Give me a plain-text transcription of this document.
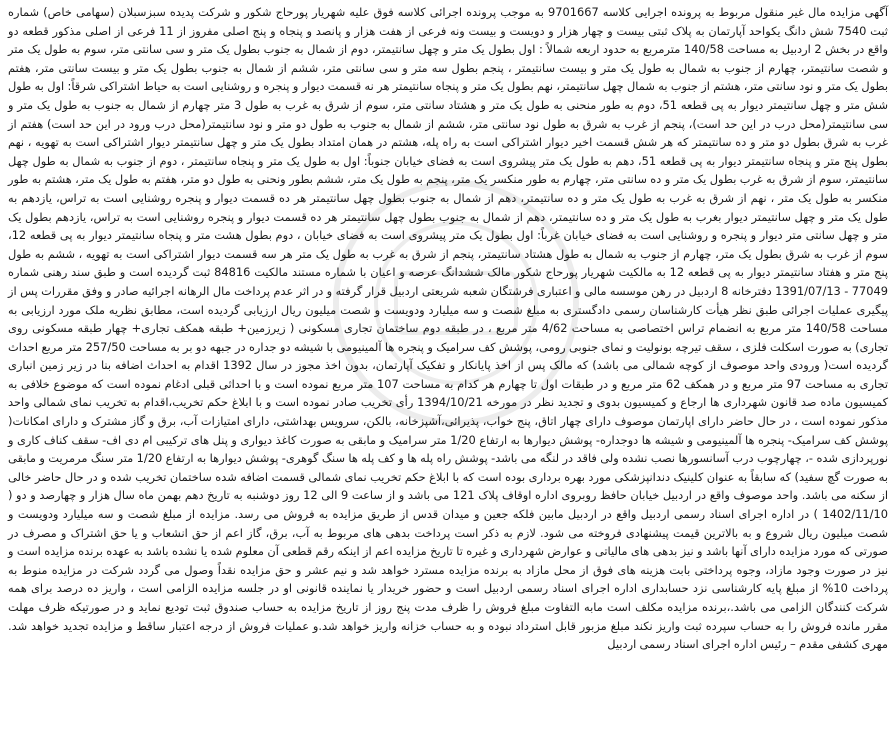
آگهی مزایده مال غیر منقول مربوط به پرونده اجرایی کلاسه 9701667 به موجب پرونده اجرائی کلاسه فوق علیه شهریار پورحاج شکور و شرکت پدیده سبزسبلان (سهامی خاص) شماره ثبت 7540 شش دانگ یکواحد آپارتمان به پلاک ثبتی بیست و چهار هزار و دویست و بیست ونه فرعی از هفت هزار و پانصد و پنجاه و پنج اصلی مفروز از 11 فرعی از اصلی مذکور قطعه دو واقع در بخش 2 اردبیل به مساحت 140/58 مترمربع به حدود اربعه شمالاً : اول بطول یک متر و چهل سانتیمتر، دوم از شمال به جنوب بطول یک متر و سی سانتی متر، سوم به طول یک متر و شصت سانتیمتر، چهارم از جنوب به شمال به طول یک متر و بیست سانتیمتر ، پنجم بطول سه متر و سی سانتی متر، ششم از شمال به جنوب بطول یک متر و بیست سانتی متر، هفتم بطول یک متر و نود سانتی متر، هشتم از جنوب به شمال چهل سانتیمتر، نهم بطول یک متر و پنجاه سانتیمتر هر نه قسمت دیوار و پنجره و روشنایی است به حیاط اشتراکی شرقاً: اول به طول شش متر و چهل سانتیمتر دیوار به پی قطعه 51، دوم به طور منحنی به طول یک متر و هشتاد سانتی متر، سوم از شرق به غرب به طول 3 متر چهارم از شمال به جنوب به طول یک متر و سی سانتیمتر(محل درب در این حد است)، پنجم از غرب به شرق به طول نود سانتی متر، ششم از شمال به جنوب به طول دو متر و نود سانتیمتر(محل درب ورود در این حد است) هفتم از غرب به شرق بطول دو متر و ده سانتیمتر که هر شش قسمت اخیر دیوار اشتراکی است به راه پله، هشتم در همان امتداد بطول یک متر و چهل سانتیمتر دیوار اشتراکی است به تهویه ، نهم بطول پنج متر و پنجاه سانتیمتر دیوار به پی قطعه 51، دهم به طول یک متر پیشروی است به فضای خیابان جنوباً: اول به طول یک متر و پنجاه سانتیمتر ، دوم از جنوب به شمال به طول چهل سانتیمتر، سوم از شرق به غرب بطول یک متر و ده سانتی متر، چهارم به طور منکسر یک متر، پنجم به طول یک متر، ششم بطور ونحنی به طول دو متر، هفتم به طول یک متر، هشتم به طور منکسر به طول یک متر ، نهم از شرق به غرب به طول یک متر و ده سانتیمتر، دهم از شمال به جنوب بطول چهل سانتیمتر هر ده قسمت دیوار و پنجره روشنایی است به تراس، یازدهم به طول یک متر و چهل سانتیمتر دیوار بغرب به طول یک متر و ده سانتیمتر، دهم از شمال به جنوب بطول چهل سانتیمتر هر ده قسمت دیوار و پنجره روشنایی است به تراس، یازدهم بطول یک متر و چهل سانتی متر دیوار و پنجره و روشنایی است به فضای خیابان غرباً: اول بطول یک متر پیشروی است به فضای خیابان ، دوم بطول هشت متر و پنجاه سانتیمتر دیوار به پی قطعه 12، سوم از غرب به شرق بطول یک متر، چهارم از جنوب به شمال به طول هشتاد سانتیمتر، پنجم از شرق به غرب به طول یک متر هر سه قسمت دیوار اشتراکی است به تهویه ، ششم به طول پنج متر و هفتاد سانتیمتر دیوار به پی قطعه 12 به مالکیت شهریار پورحاج شکور مالک ششدانگ عرصه و اعیان با شماره مستند مالکیت 84816 ثبت گردیده است و طبق سند رهنی شماره 77049 - 1391/07/13 دفترخانه 8 اردبیل در رهن موسسه مالی و اعتباری فرشتگان شعبه شریعتی اردبیل قرار گرفته و در اثر عدم پرداخت مال الرهانه اجرائیه صادر و وفق مقررات پس از پیگیری عملیات اجرائی طبق نظر هیأت کارشناسان رسمی دادگستری به مبلغ شصت و سه میلیارد ودویست و شصت میلیون ریال ارزیابی گردیده است، مطابق نظریه ملک مورد ارزیابی به مساحت 140/58 متر مربع به انضمام تراس اختصاصی به مساحت 4/62 متر مربع ، در طبقه دوم ساختمان تجاری مسکونی ( زیرزمین+ طبقه همکف تجاری+ چهار طبقه مسکونی روی تجاری) به صورت اسکلت فلزی ، سقف تیرچه بونولیت و نمای جنوبی رومی، پوشش کف سرامیک و پنجره ها آلمینیومی با شیشه دو جداره در جبهه دو بر به مساحت 257/50 متر مربع احداث گردیده است( ورودی واحد موصوف از کوچه شمالی می باشد) که مالک پس از اخذ پایانکار و تفکیک آپارتمان، بدون اخذ مجوز در سال 1392 اقدام به احداث اضافه بنا در زیر زمین انباری تجاری به مساحت 97 متر مربع و در همکف 62 متر مربع و در طبقات اول تا چهارم هر کدام به مساحت 107 متر مربع نموده است و با احداثی قبلی ادغام نموده است که موضوع خلافی به کمیسیون ماده صد قانون شهرداری ها ارجاع و کمیسیون بدوی و تجدید نظر در مورخه 1394/10/21 رأی تخریب صادر نموده است و با ابلاغ حکم تخریب،اقدام به تخریب نمای شمالی واحد مذکور نموده است ، در حال حاضر دارای اپارتمان موصوف دارای چهار اتاق، پنج خواب، پذیرائی،آشپزخانه، بالکن، سرویس بهداشتی، دارای امتیازات آب، برق و گاز مشترک و دارای امکانات( پوشش کف سرامیک- پنجره ها آلمینیومی و شیشه ها دوجداره- پوشش دیوارها به ارتفاع 1/20 متر سرامیک و مابقی به صورت کاغذ دیواری و پنل های ترکیبی ام دی اف- سقف کناف کاری و نورپردازی شده -، چهارچوب درب آسانسورها نصب نشده ولی فاقد در لنگه می باشد- پوشش راه پله ها و کف پله ها سنگ گوهری- پوشش دیوارها به ارتفاع 1/20 متر سنگ مرمریت و مابقی به صورت گچ سفید) که سابقاً به عنوان کلینیک دندانپزشکی مورد بهره برداری بوده است که با ابلاغ حکم تخریب نمای شمالی قسمت اضافه شده ساختمان تخریب شده و در حال حاضر خالی از سکنه می باشد. واحد موصوف واقع در اردبیل خیابان حافظ روبروی اداره اوقاف پلاک 121 می باشد و از ساعت 9 الی 12 روز دوشنبه به تاریخ دهم بهمن ماه سال هزار و چهارصد و دو ( 1402/11/10 ) در اداره اجرای اسناد رسمی اردبیل واقع در اردبیل مابین فلکه جعین و میدان قدس از طریق مزایده به فروش می رسد. مزایده از مبلغ شصت و سه میلیارد ودویست و شصت میلیون ریال شروع و به بالاترین قیمت پیشنهادی فروخته می شود. لازم به ذکر است پرداخت بدهی های مربوط به آب، برق، گاز اعم از حق انشعاب و یا حق اشتراک و مصرف در صورتی که مورد مزایده دارای آنها باشد و نیز بدهی های مالیاتی و عوارض شهرداری و غیره تا تاریخ مزایده اعم از اینکه رقم قطعی آن معلوم شده یا نشده باشد به عهده برنده مزایده است و نیز در صورت وجود مازاد، وجوه پرداختی بابت هزینه های فوق از محل مازاد به برنده مزایده مسترد خواهد شد و نیم عشر و حق مزایده نقداً وصول می گردد شرکت در مزایده منوط به پرداخت 10% از مبلغ پایه کارشناسی نزد حسابداری اداره اجرای اسناد رسمی اردبیل است و حضور خریدار یا نماینده قانونی او در جلسه مزایده الزامی است ، واریز ده درصد برای همه شرکت کنندگان الزامی می باشد.،برنده مزایده مکلف است مابه التفاوت مبلغ فروش را ظرف مدت پنج روز از تاریخ مزایده به حساب صندوق ثبت تودیع نماید و در صورتیکه ظرف مهلت مقرر مانده فروش را به حساب سپرده ثبت واریز نکند مبلغ مزبور قابل استرداد نبوده و به حساب خزانه واریز خواهد شد.و عملیات فروش از درجه اعتبار ساقط و مزایده تجدید خواهد شد. مهری کشفی مقدم – رئیس اداره اجرای اسناد رسمی اردبیل
